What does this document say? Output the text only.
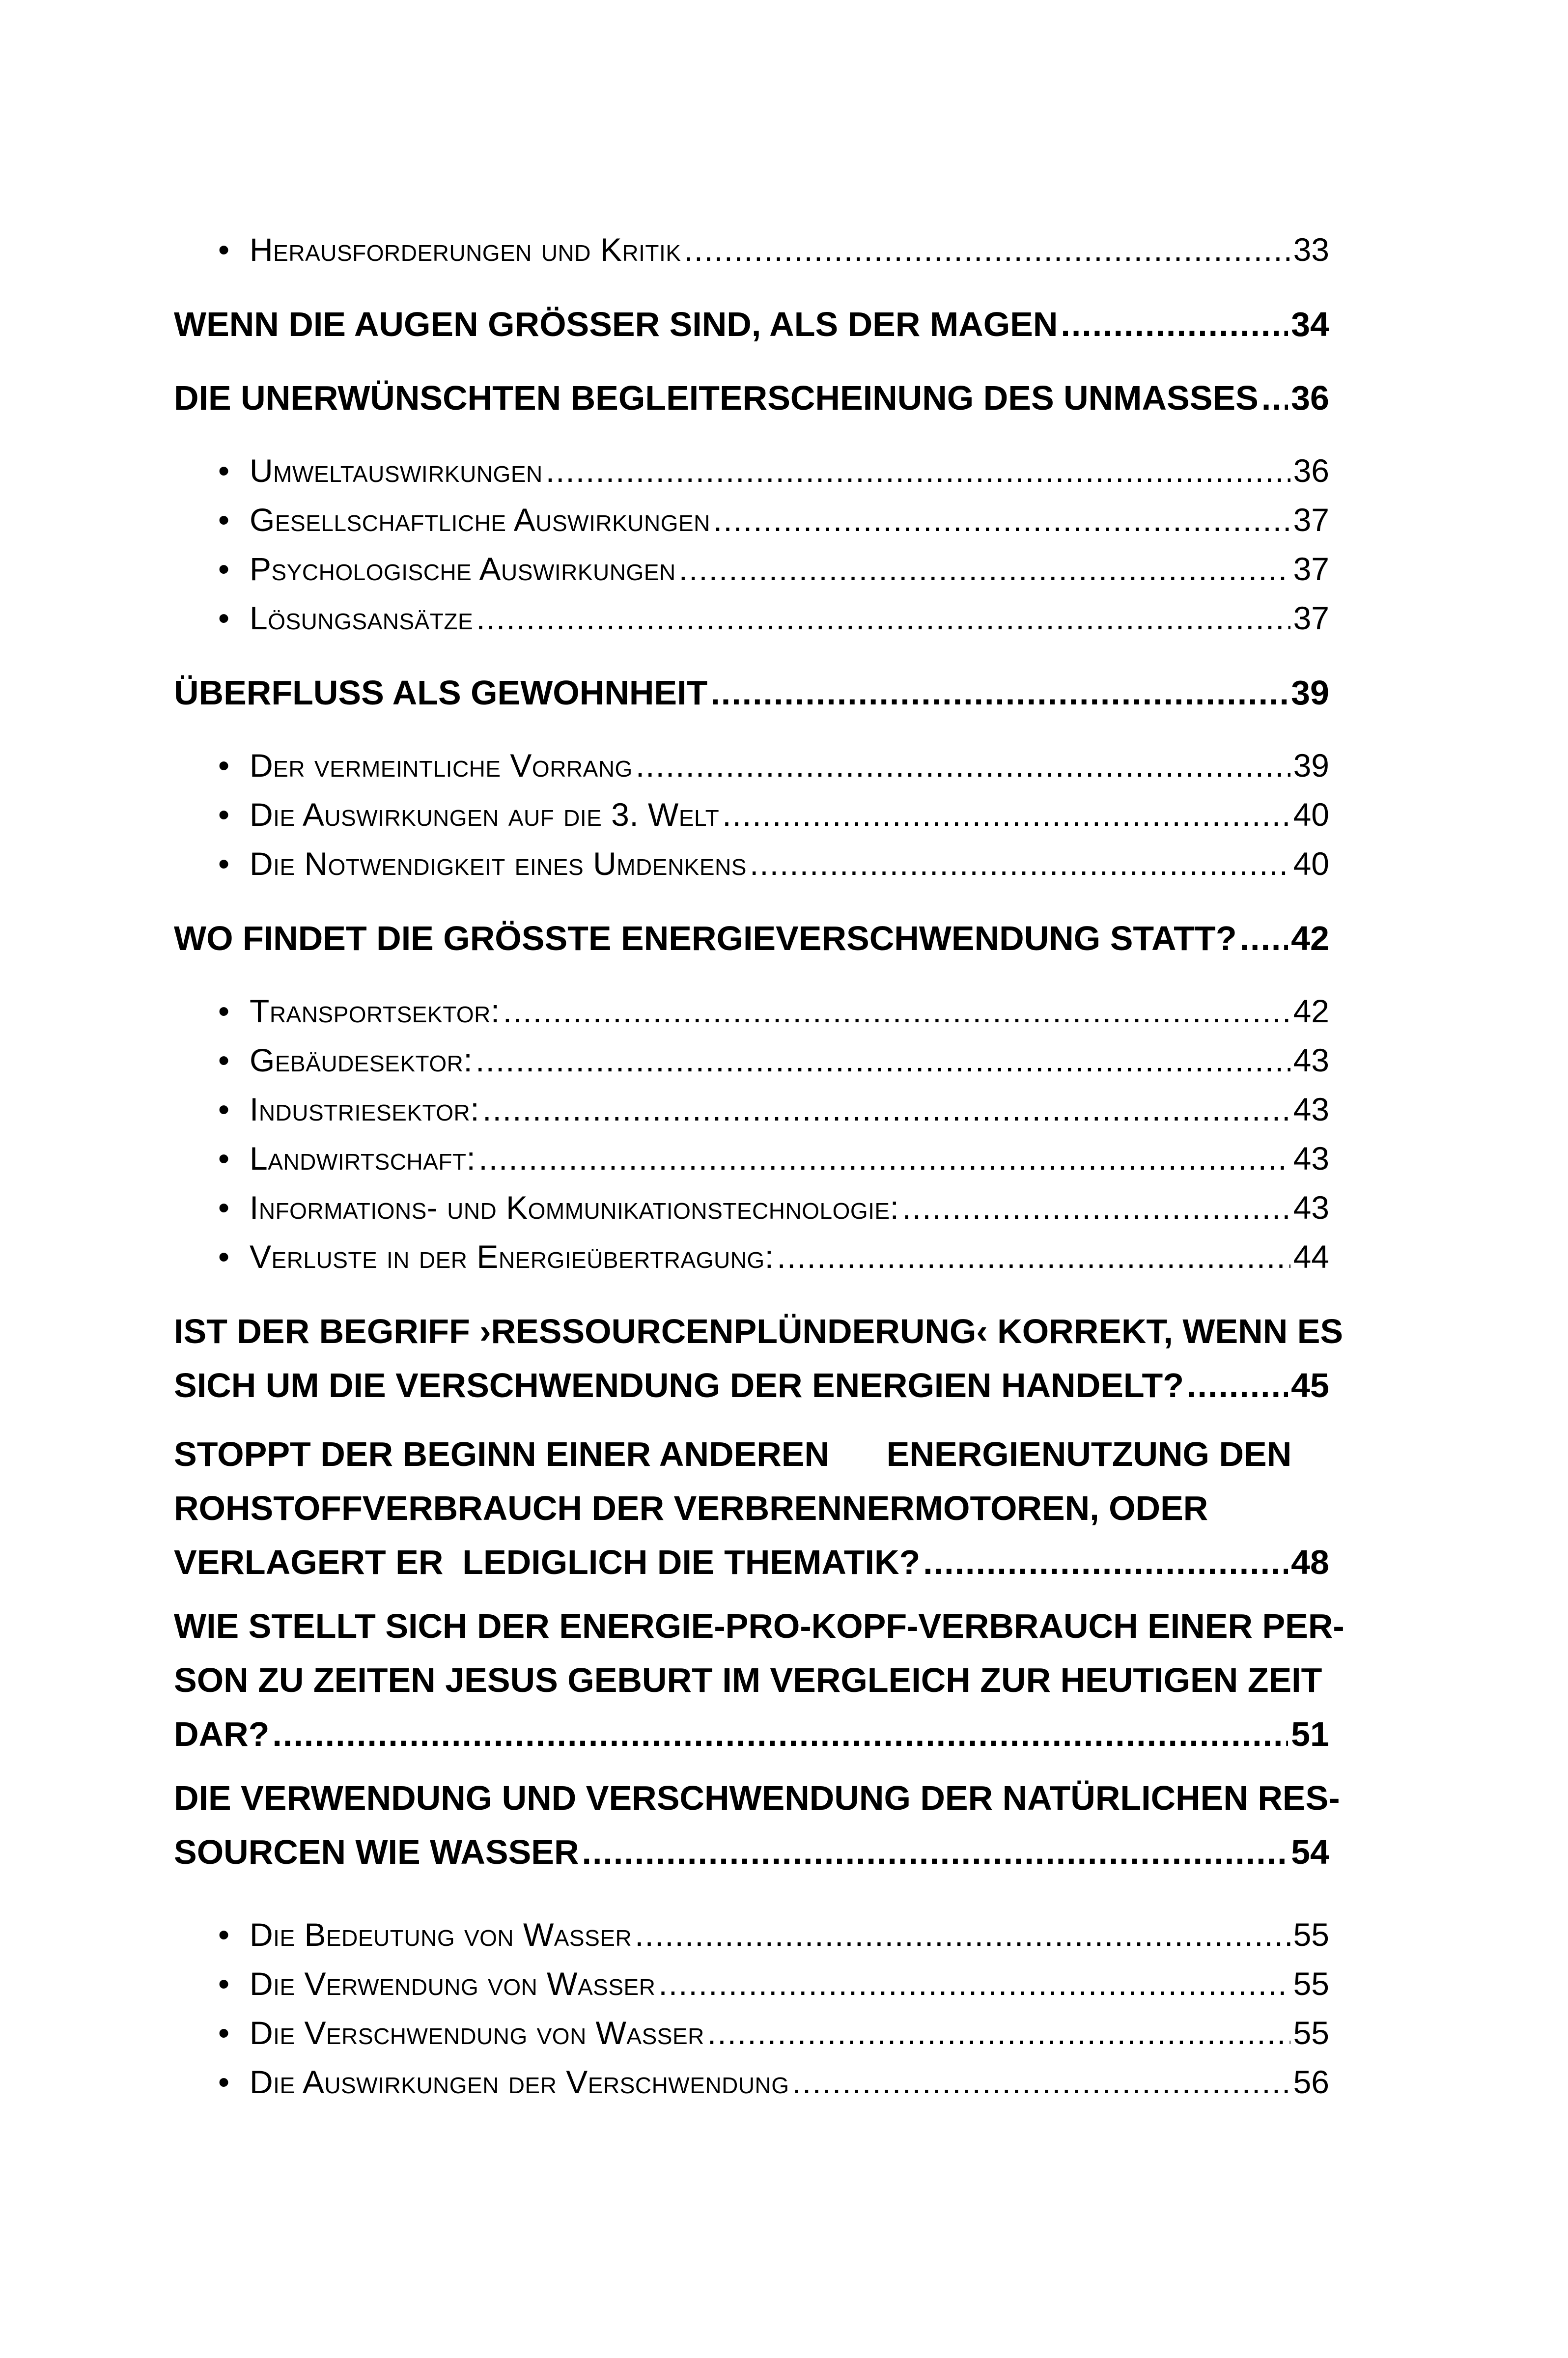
• Herausforderungen und Kritik .....	33
WENN DIE AUGEN GRÖSSER SIND, ALS DER MAGEN .....	34
DIE UNERWÜNSCHTEN BEGLEITERSCHEINUNG DES UNMASSES ..... 36
• Umweltauswirkungen .....	36
• Gesellschaftliche Auswirkungen .....	37
• Psychologische Auswirkungen .....	37
• Lösungsansätze .....	37
ÜBERFLUSS ALS GEWOHNHEIT .....	39
• Der vermeintliche Vorrang .....	39
• Die Auswirkungen auf die 3. Welt .....	40
• Die Notwendigkeit eines Umdenkens .....	40
WO FINDET DIE GRÖSSTE ENERGIEVERSCHWENDUNG STATT? ..... 42
• Transportsektor: .....	42
• Gebäudesektor: .....	43
• Industriesektor: .....	43
• Landwirtschaft: .....	43
• Informations- und Kommunikationstechnologie: .....	43
• Verluste in der Energieübertragung: .....	44
IST DER BEGRIFF ›RESSOURCENPLÜNDERUNG‹ KORREKT, WENN ES
SICH UM DIE VERSCHWENDUNG DER ENERGIEN HANDELT? .....	45
STOPPT DER BEGINN EINER ANDEREN      ENERGIENUTZUNG DEN
ROHSTOFFVERBRAUCH DER VERBRENNERMOTOREN, ODER
VERLAGERT ER  LEDIGLICH DIE THEMATIK? .....	48
WIE STELLT SICH DER ENERGIE-PRO-KOPF-VERBRAUCH EINER PER-
SON ZU ZEITEN JESUS GEBURT IM VERGLEICH ZUR HEUTIGEN ZEIT
DAR? .....	51
DIE VERWENDUNG UND VERSCHWENDUNG DER NATÜRLICHEN RES-
SOURCEN WIE WASSER .....	54
• Die Bedeutung von Wasser .....	55
• Die Verwendung von Wasser .....	55
• Die Verschwendung von Wasser .....	55
• Die Auswirkungen der Verschwendung .....	56
